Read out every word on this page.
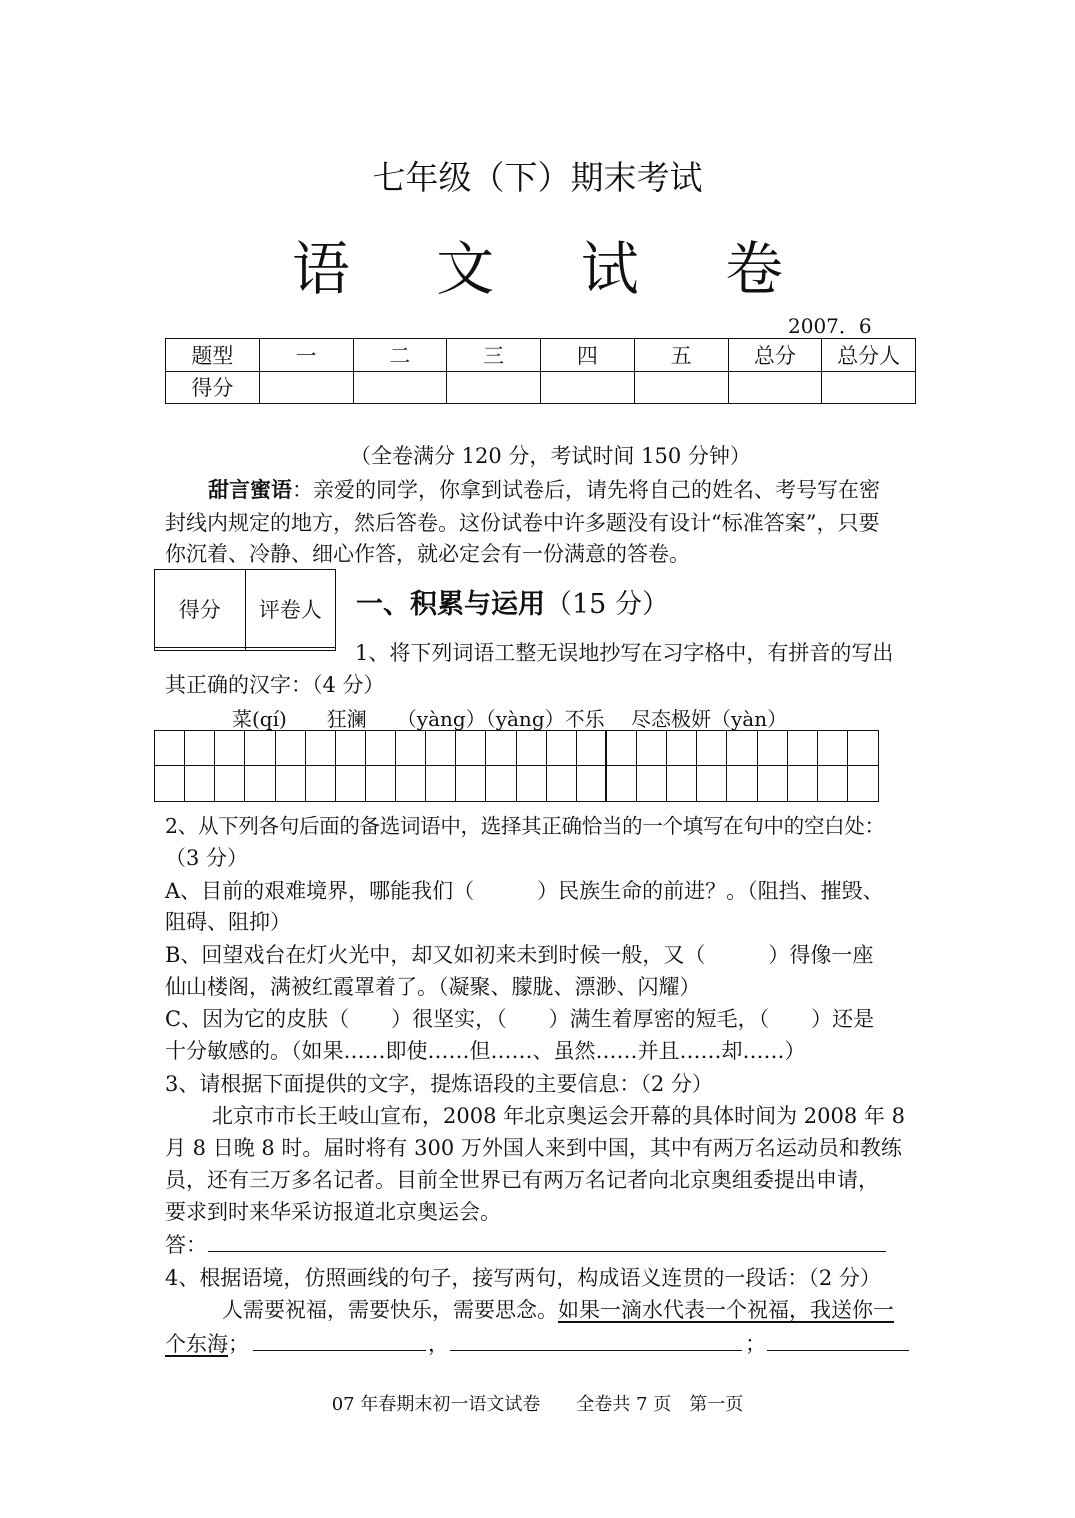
七年级（下）期末考试
语 文 试 卷
2007．6
题型	一	二	三	四	五	总分	总分人
得分							
（全卷满分 120 分，考试时间 150 分钟）
甜言蜜语：亲爱的同学，你拿到试卷后，请先将自己的姓名、考号写在密
封线内规定的地方，然后答卷。这份试卷中许多题没有设计“标准答案”，只要
你沉着、冷静、细心作答，就必定会有一份满意的答卷。
得分	评卷人
	一、积累与运用（15 分）
1、将下列词语工整无误地抄写在习字格中，有拼音的写出
其正确的汉字：（4 分）
菜(qí)　　狂澜　　（yàng）（yàng）不乐　 尽态极妍（yàn）
2、从下列各句后面的备选词语中，选择其正确恰当的一个填写在句中的空白处：
（3 分）
A、目前的艰难境界，哪能我们（　　　）民族生命的前进？。（阻挡、摧毁、
阻碍、阻抑）
B、回望戏台在灯火光中，却又如初来未到时候一般，又（　　　）得像一座
仙山楼阁，满被红霞罩着了。（凝聚、朦胧、漂渺、闪耀）
C、因为它的皮肤（　　）很坚实，（　　）满生着厚密的短毛，（　　）还是
十分敏感的。（如果……即使……但……、虽然……并且……却……）
3、请根据下面提供的文字，提炼语段的主要信息：（2 分）
北京市市长王岐山宣布，2008 年北京奥运会开幕的具体时间为 2008 年 8
月 8 日晚 8 时。届时将有 300 万外国人来到中国，其中有两万名运动员和教练
员，还有三万多名记者。目前全世界已有两万名记者向北京奥组委提出申请，
要求到时来华采访报道北京奥运会。
答：
4、根据语境，仿照画线的句子，接写两句，构成语义连贯的一段话：（2 分）
人需要祝福，需要快乐，需要思念。如果一滴水代表一个祝福，我送你一
个东海；	，	；
07 年春期末初一语文试卷　　全卷共 7 页　第一页
